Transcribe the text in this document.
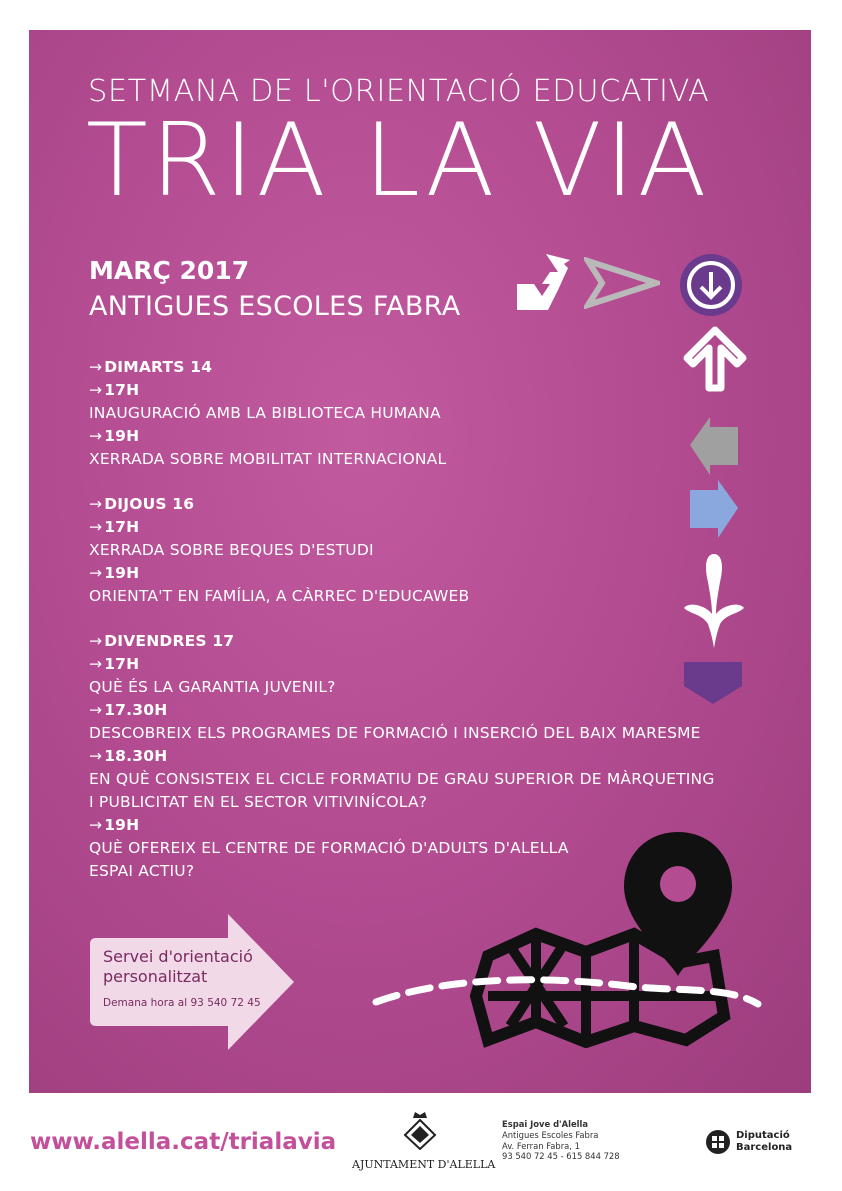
SETMANA DE L'ORIENTACIÓ EDUCATIVA
TRIA LA VIA
MARÇ 2017
ANTIGUES ESCOLES FABRA
→ DIMARTS 14
→ 17H
INAUGURACIÓ AMB LA BIBLIOTECA HUMANA
→ 19H
XERRADA SOBRE MOBILITAT INTERNACIONAL
→ DIJOUS 16
→ 17H
XERRADA SOBRE BEQUES D'ESTUDI
→ 19H
ORIENTA'T EN FAMÍLIA, A CÀRREC D'EDUCAWEB
→ DIVENDRES 17
→ 17H
QUÈ ÉS LA GARANTIA JUVENIL?
→ 17.30H
DESCOBREIX ELS PROGRAMES DE FORMACIÓ I INSERCIÓ DEL BAIX MARESME
→ 18.30H
EN QUÈ CONSISTEIX EL CICLE FORMATIU DE GRAU SUPERIOR DE MÀRQUETING
I PUBLICITAT EN EL SECTOR VITIVINÍCOLA?
→ 19H
QUÈ OFEREIX EL CENTRE DE FORMACIÓ D'ADULTS D'ALELLA
ESPAI ACTIU?
Servei d'orientació personalitzat
Demana hora al 93 540 72 45
www.alella.cat/trialavia
AJUNTAMENT D'ALELLA
Espai Jove d'Alella
Antigues Escoles Fabra
Av. Ferran Fabra, 1
93 540 72 45 - 615 844 728
Diputació
Barcelona
